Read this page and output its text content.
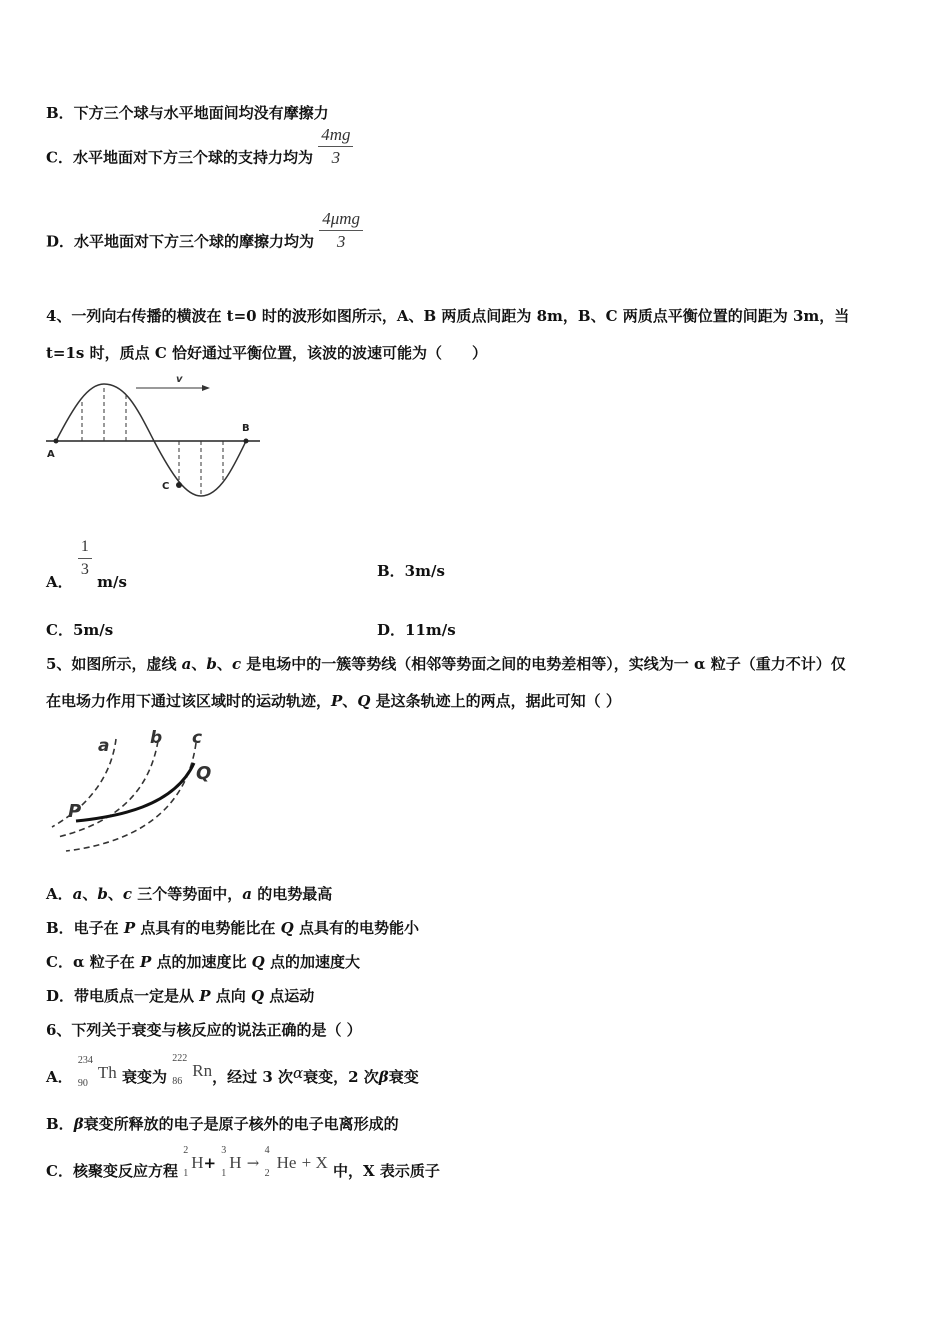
B．下方三个球与水平地面间均没有摩擦力
C．水平地面对下方三个球的支持力均为 $\frac{4mg}{3}$
D．水平地面对下方三个球的摩擦力均为 $\frac{\text{4μmg}}{3}$
4、一列向右传播的横波在 t=0 时的波形如图所示，A、B 两质点间距为 8m，B、C 两质点平衡位置的间距为 3m，当
t=1s 时，质点 C 恰好通过平衡位置，该波的波速可能为（　　）
v
A
B
C
A．
$\frac{1}{3}$
m/s
B．3m/s
C．5m/s	D．11m/s
5、如图所示，虚线 a、b、c 是电场中的一簇等势线（相邻等势面之间的电势差相等），实线为一 α 粒子（重力不计）仅
在电场力作用下通过该区域时的运动轨迹，P、Q 是这条轨迹上的两点，据此可知（ ）
a b c
P
Q
A．a、b、c 三个等势面中，a 的电势最高
B．电子在 P 点具有的电势能比在 Q 点具有的电势能小
C．α 粒子在 P 点的加速度比 Q 点的加速度大
D．带电质点一定是从 P 点向 Q 点运动
6、下列关于衰变与核反应的说法正确的是（ ）
A．
234
90
Th 衰变为
222
86
Rn，经过 3 次α衰变，2 次β衰变
B．β衰变所释放的电子是原子核外的电子电离形成的
C．核聚变反应方程
2
1
H+
3
1
H →
4
2
He + X 中，X 表示质子
